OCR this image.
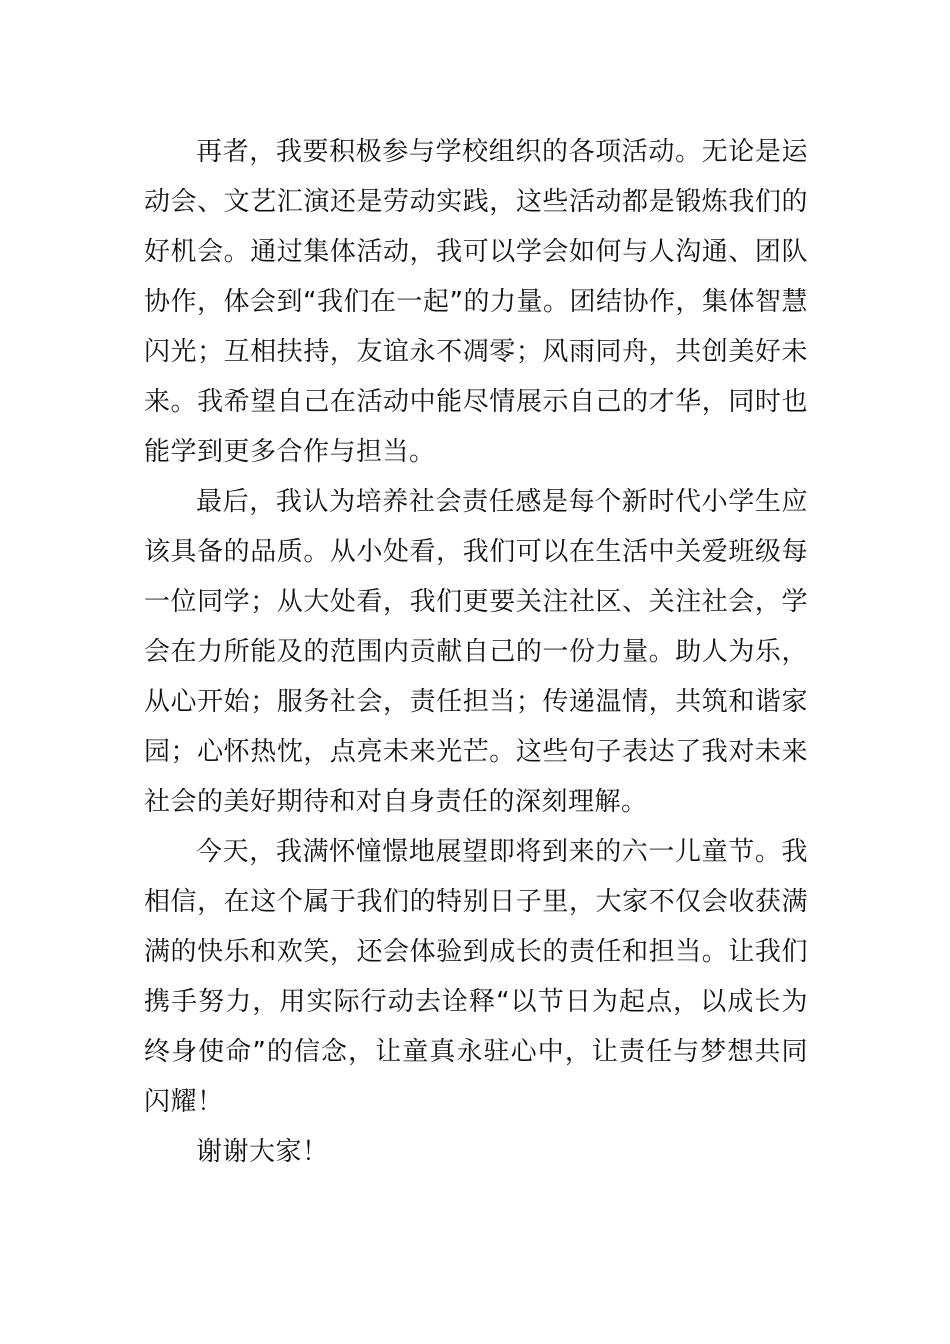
再者，我要积极参与学校组织的各项活动。无论是运动会、文艺汇演还是劳动实践，这些活动都是锻炼我们的好机会。通过集体活动，我可以学会如何与人沟通、团队协作，体会到“我们在一起”的力量。团结协作，集体智慧闪光；互相扶持，友谊永不凋零；风雨同舟，共创美好未来。我希望自己在活动中能尽情展示自己的才华，同时也能学到更多合作与担当。

最后，我认为培养社会责任感是每个新时代小学生应该具备的品质。从小处看，我们可以在生活中关爱班级每一位同学；从大处看，我们更要关注社区、关注社会，学会在力所能及的范围内贡献自己的一份力量。助人为乐，从心开始；服务社会，责任担当；传递温情，共筑和谐家园；心怀热忱，点亮未来光芒。这些句子表达了我对未来社会的美好期待和对自身责任的深刻理解。

今天，我满怀憧憬地展望即将到来的六一儿童节。我相信，在这个属于我们的特别日子里，大家不仅会收获满满的快乐和欢笑，还会体验到成长的责任和担当。让我们携手努力，用实际行动去诠释“以节日为起点，以成长为终身使命”的信念，让童真永驻心中，让责任与梦想共同闪耀！

谢谢大家！
